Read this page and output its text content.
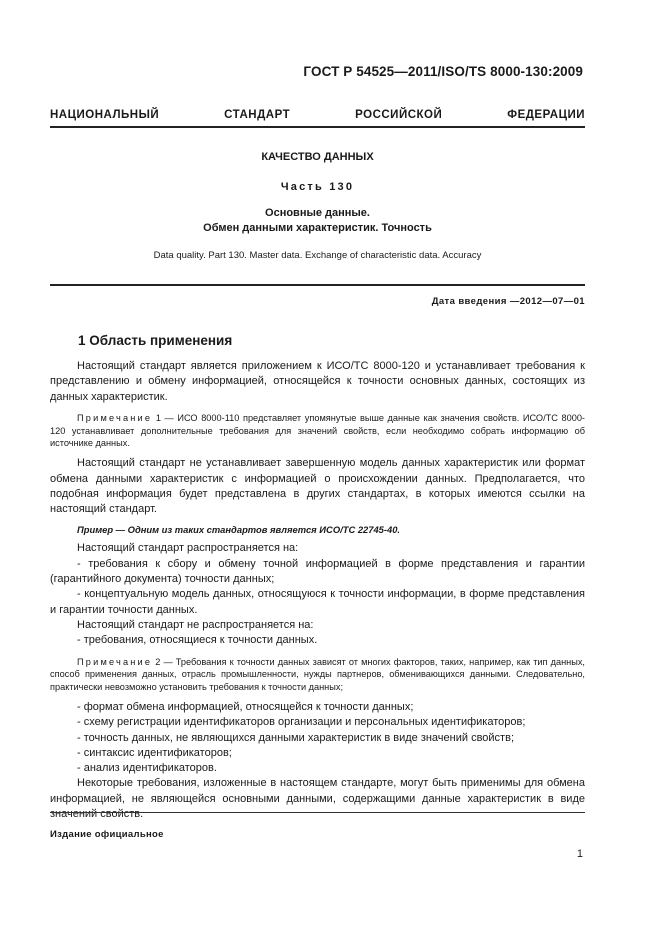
ГОСТ Р 54525—2011/ISO/TS 8000-130:2009
НАЦИОНАЛЬНЫЙ СТАНДАРТ РОССИЙСКОЙ ФЕДЕРАЦИИ
КАЧЕСТВО ДАННЫХ
Часть 130
Основные данные.
Обмен данными характеристик. Точность
Data quality. Part 130. Master data. Exchange of characteristic data. Accuracy
Дата введения —2012—07—01
1 Область применения

Настоящий стандарт является приложением к ИСО/ТС 8000-120 и устанавливает требования к представлению и обмену информацией, относящейся к точности основных данных, состоящих из данных характеристик.

Примечание 1 — ИСО 8000-110 представляет упомянутые выше данные как значения свойств. ИСО/ТС 8000-120 устанавливает дополнительные требования для значений свойств, если необходимо собрать информацию об источнике данных.

Настоящий стандарт не устанавливает завершенную модель данных характеристик или формат обмена данными характеристик с информацией о происхождении данных. Предполагается, что подобная информация будет представлена в других стандартах, в которых имеются ссылки на настоящий стандарт.

Пример — Одним из таких стандартов является ИСО/ТС 22745-40.

Настоящий стандарт распространяется на:

- требования к сбору и обмену точной информацией в форме представления и гарантии (гарантийного документа) точности данных;

- концептуальную модель данных, относящуюся к точности информации, в форме представления и гарантии точности данных.

Настоящий стандарт не распространяется на:

- требования, относящиеся к точности данных.

Примечание 2 — Требования к точности данных зависят от многих факторов, таких, например, как тип данных, способ применения данных, отрасль промышленности, нужды партнеров, обменивающихся данными. Следовательно, практически невозможно установить требования к точности данных;

- формат обмена информацией, относящейся к точности данных;

- схему регистрации идентификаторов организации и персональных идентификаторов;

- точность данных, не являющихся данными характеристик в виде значений свойств;

- синтаксис идентификаторов;

- анализ идентификаторов.

Некоторые требования, изложенные в настоящем стандарте, могут быть применимы для обмена информацией, не являющейся основными данными, содержащими данные характеристик в виде значений свойств.

Издание официальное
1
